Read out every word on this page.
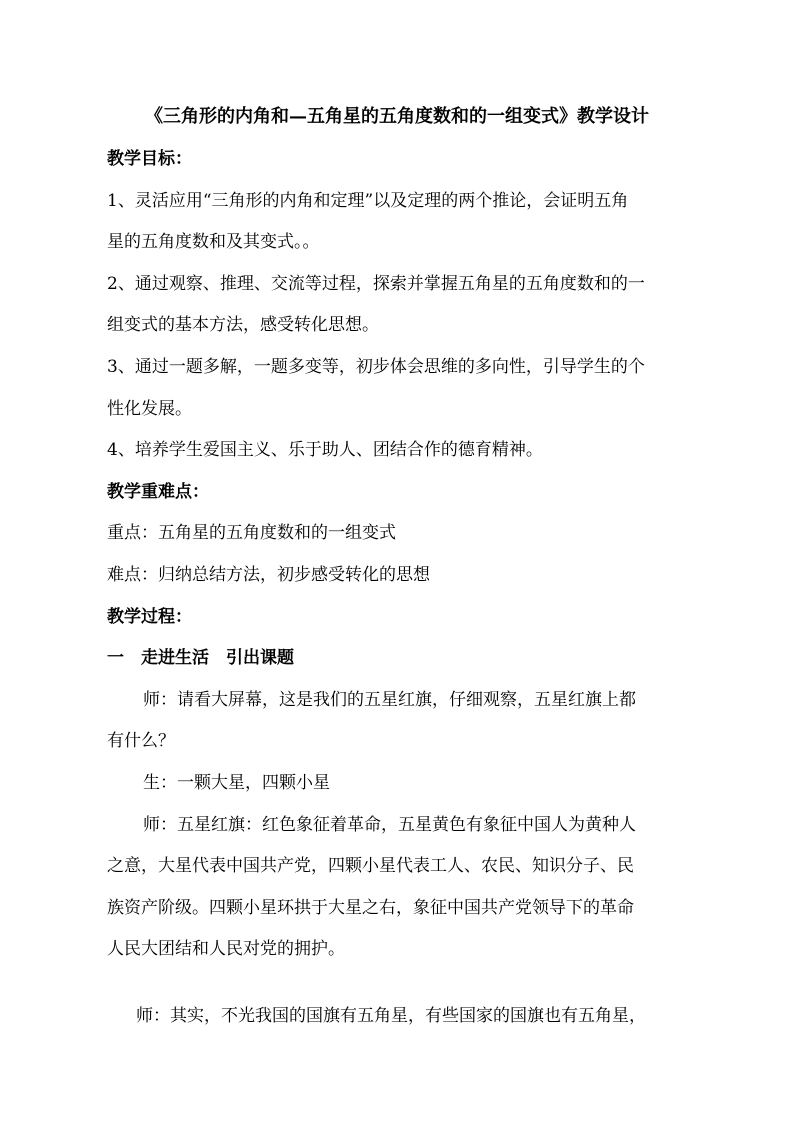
《三角形的内角和—五角星的五角度数和的一组变式》教学设计
教学目标：
1、灵活应用“三角形的内角和定理”以及定理的两个推论，会证明五角
星的五角度数和及其变式。。
2、通过观察、推理、交流等过程，探索并掌握五角星的五角度数和的一
组变式的基本方法，感受转化思想。
3、通过一题多解，一题多变等，初步体会思维的多向性，引导学生的个
性化发展。
4、培养学生爱国主义、乐于助人、团结合作的德育精神。
教学重难点：
重点：五角星的五角度数和的一组变式
难点：归纳总结方法，初步感受转化的思想
教学过程：
一　走进生活　引出课题
师：请看大屏幕，这是我们的五星红旗，仔细观察，五星红旗上都
有什么？
生：一颗大星，四颗小星
师：五星红旗：红色象征着革命，五星黄色有象征中国人为黄种人
之意，大星代表中国共产党，四颗小星代表工人、农民、知识分子、民
族资产阶级。四颗小星环拱于大星之右，象征中国共产党领导下的革命
人民大团结和人民对党的拥护。
师：其实，不光我国的国旗有五角星，有些国家的国旗也有五角星，
